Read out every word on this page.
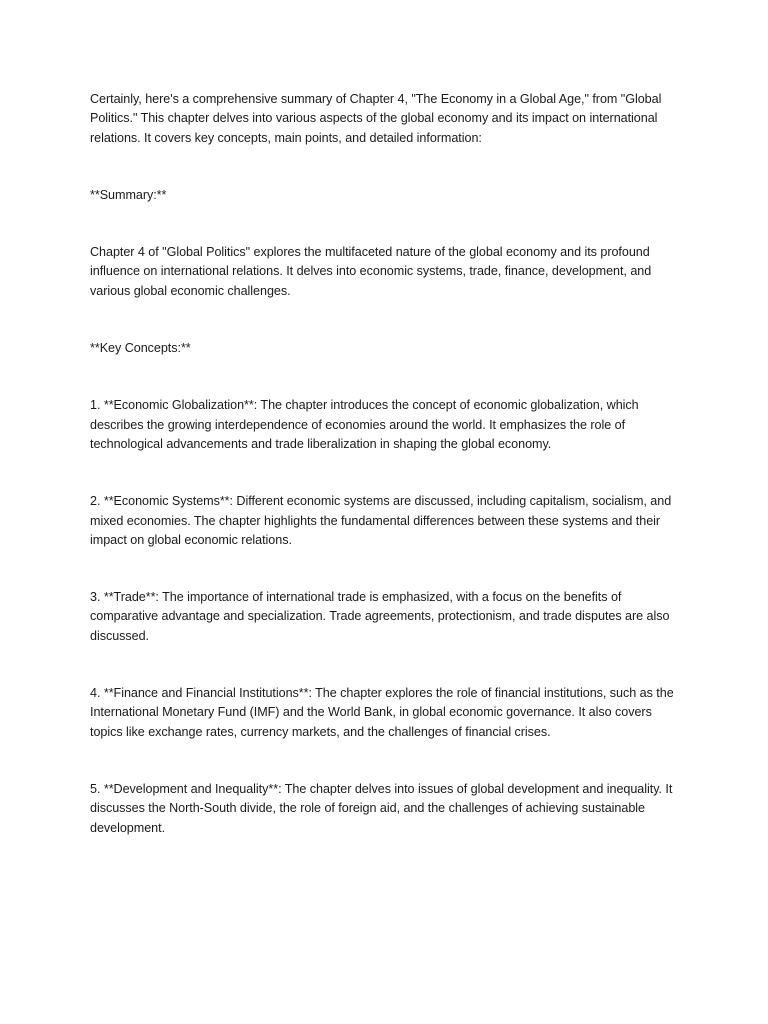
Certainly, here's a comprehensive summary of Chapter 4, "The Economy in a Global Age," from "Global Politics." This chapter delves into various aspects of the global economy and its impact on international relations. It covers key concepts, main points, and detailed information:

**Summary:**

Chapter 4 of "Global Politics" explores the multifaceted nature of the global economy and its profound influence on international relations. It delves into economic systems, trade, finance, development, and various global economic challenges.

**Key Concepts:**

1. **Economic Globalization**: The chapter introduces the concept of economic globalization, which describes the growing interdependence of economies around the world. It emphasizes the role of technological advancements and trade liberalization in shaping the global economy.

2. **Economic Systems**: Different economic systems are discussed, including capitalism, socialism, and mixed economies. The chapter highlights the fundamental differences between these systems and their impact on global economic relations.

3. **Trade**: The importance of international trade is emphasized, with a focus on the benefits of comparative advantage and specialization. Trade agreements, protectionism, and trade disputes are also discussed.

4. **Finance and Financial Institutions**: The chapter explores the role of financial institutions, such as the International Monetary Fund (IMF) and the World Bank, in global economic governance. It also covers topics like exchange rates, currency markets, and the challenges of financial crises.

5. **Development and Inequality**: The chapter delves into issues of global development and inequality. It discusses the North-South divide, the role of foreign aid, and the challenges of achieving sustainable development.
